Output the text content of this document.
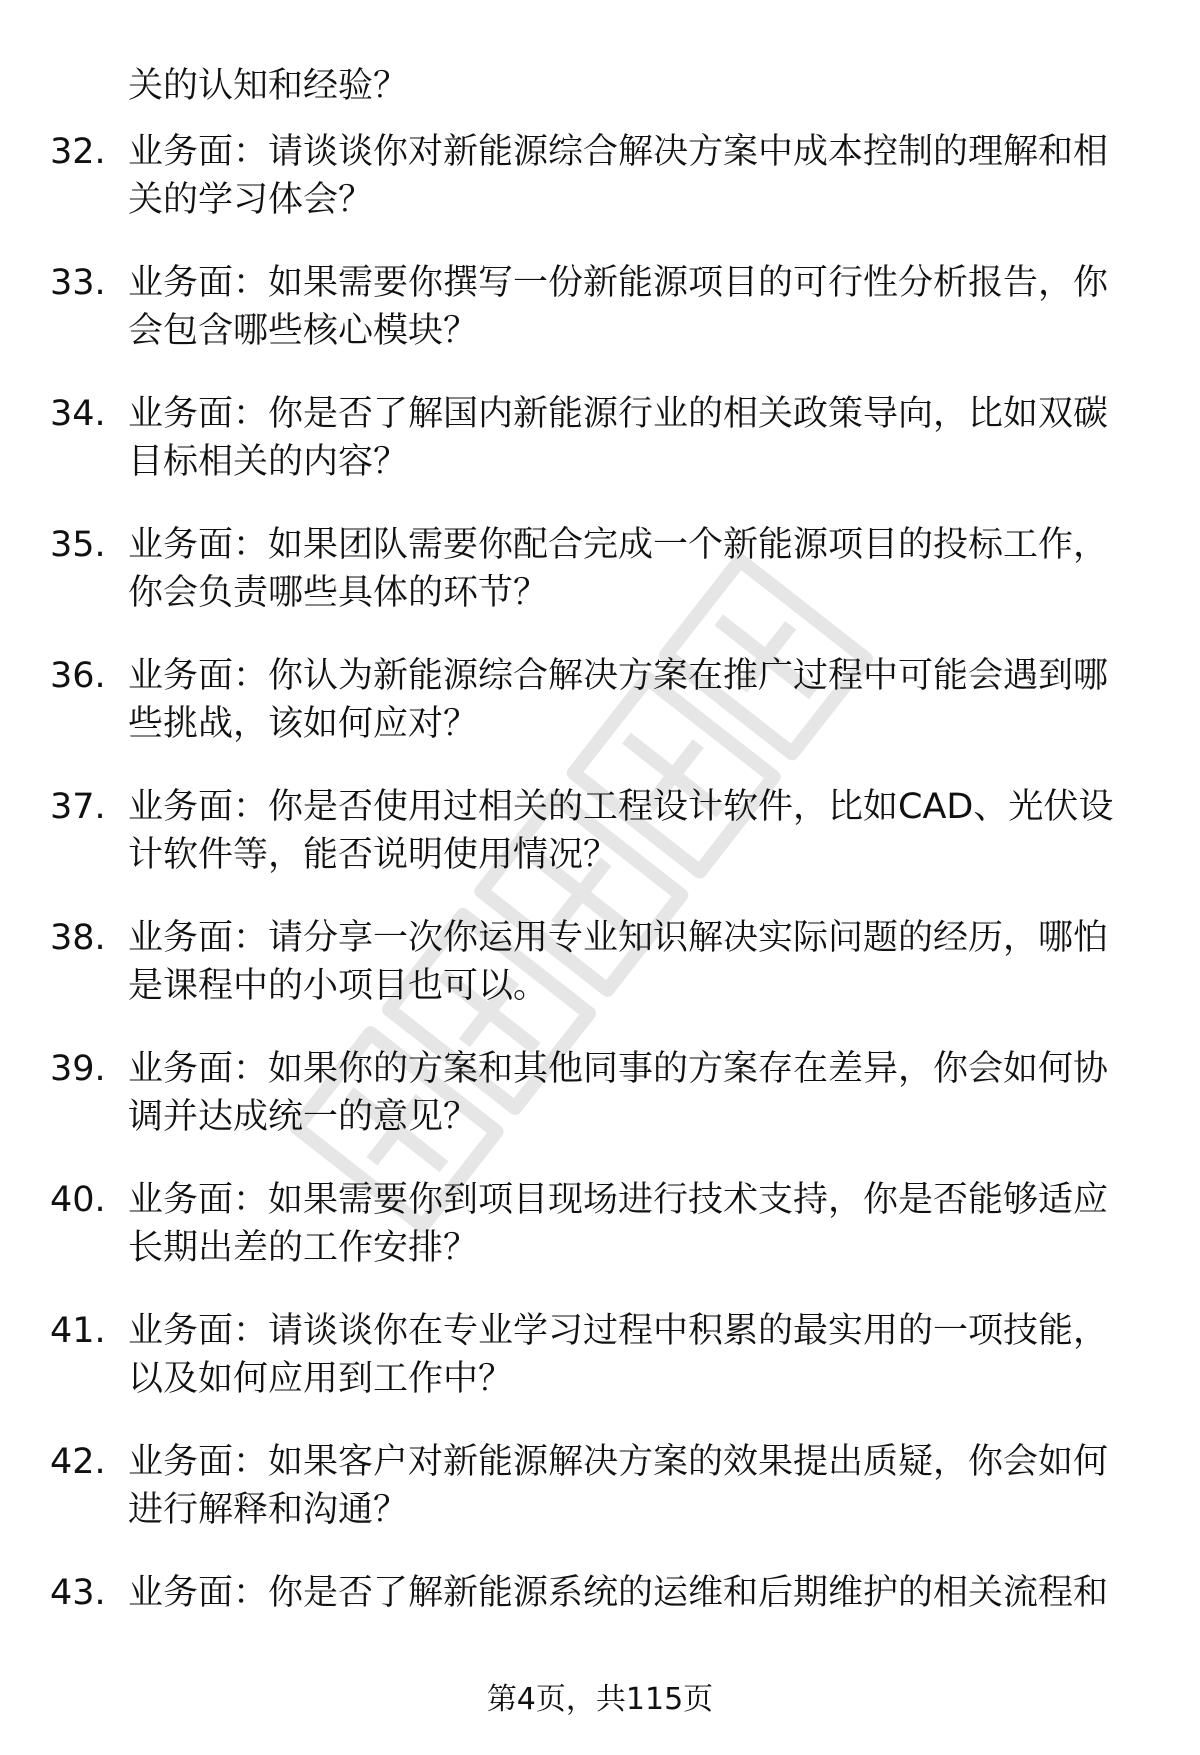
关的认知和经验？

32. 业务面：请谈谈你对新能源综合解决方案中成本控制的理解和相
关的学习体会？

33. 业务面：如果需要你撰写一份新能源项目的可行性分析报告，你
会包含哪些核心模块？

34. 业务面：你是否了解国内新能源行业的相关政策导向，比如双碳
目标相关的内容？

35. 业务面：如果团队需要你配合完成一个新能源项目的投标工作，
你会负责哪些具体的环节？

36. 业务面：你认为新能源综合解决方案在推广过程中可能会遇到哪
些挑战，该如何应对？

37. 业务面：你是否使用过相关的工程设计软件，比如CAD、光伏设
计软件等，能否说明使用情况？

38. 业务面：请分享一次你运用专业知识解决实际问题的经历，哪怕
是课程中的小项目也可以。

39. 业务面：如果你的方案和其他同事的方案存在差异，你会如何协
调并达成统一的意见？

40. 业务面：如果需要你到项目现场进行技术支持，你是否能够适应
长期出差的工作安排？

41. 业务面：请谈谈你在专业学习过程中积累的最实用的一项技能，
以及如何应用到工作中？

42. 业务面：如果客户对新能源解决方案的效果提出质疑，你会如何
进行解释和沟通？

43. 业务面：你是否了解新能源系统的运维和后期维护的相关流程和

第4页，共115页
